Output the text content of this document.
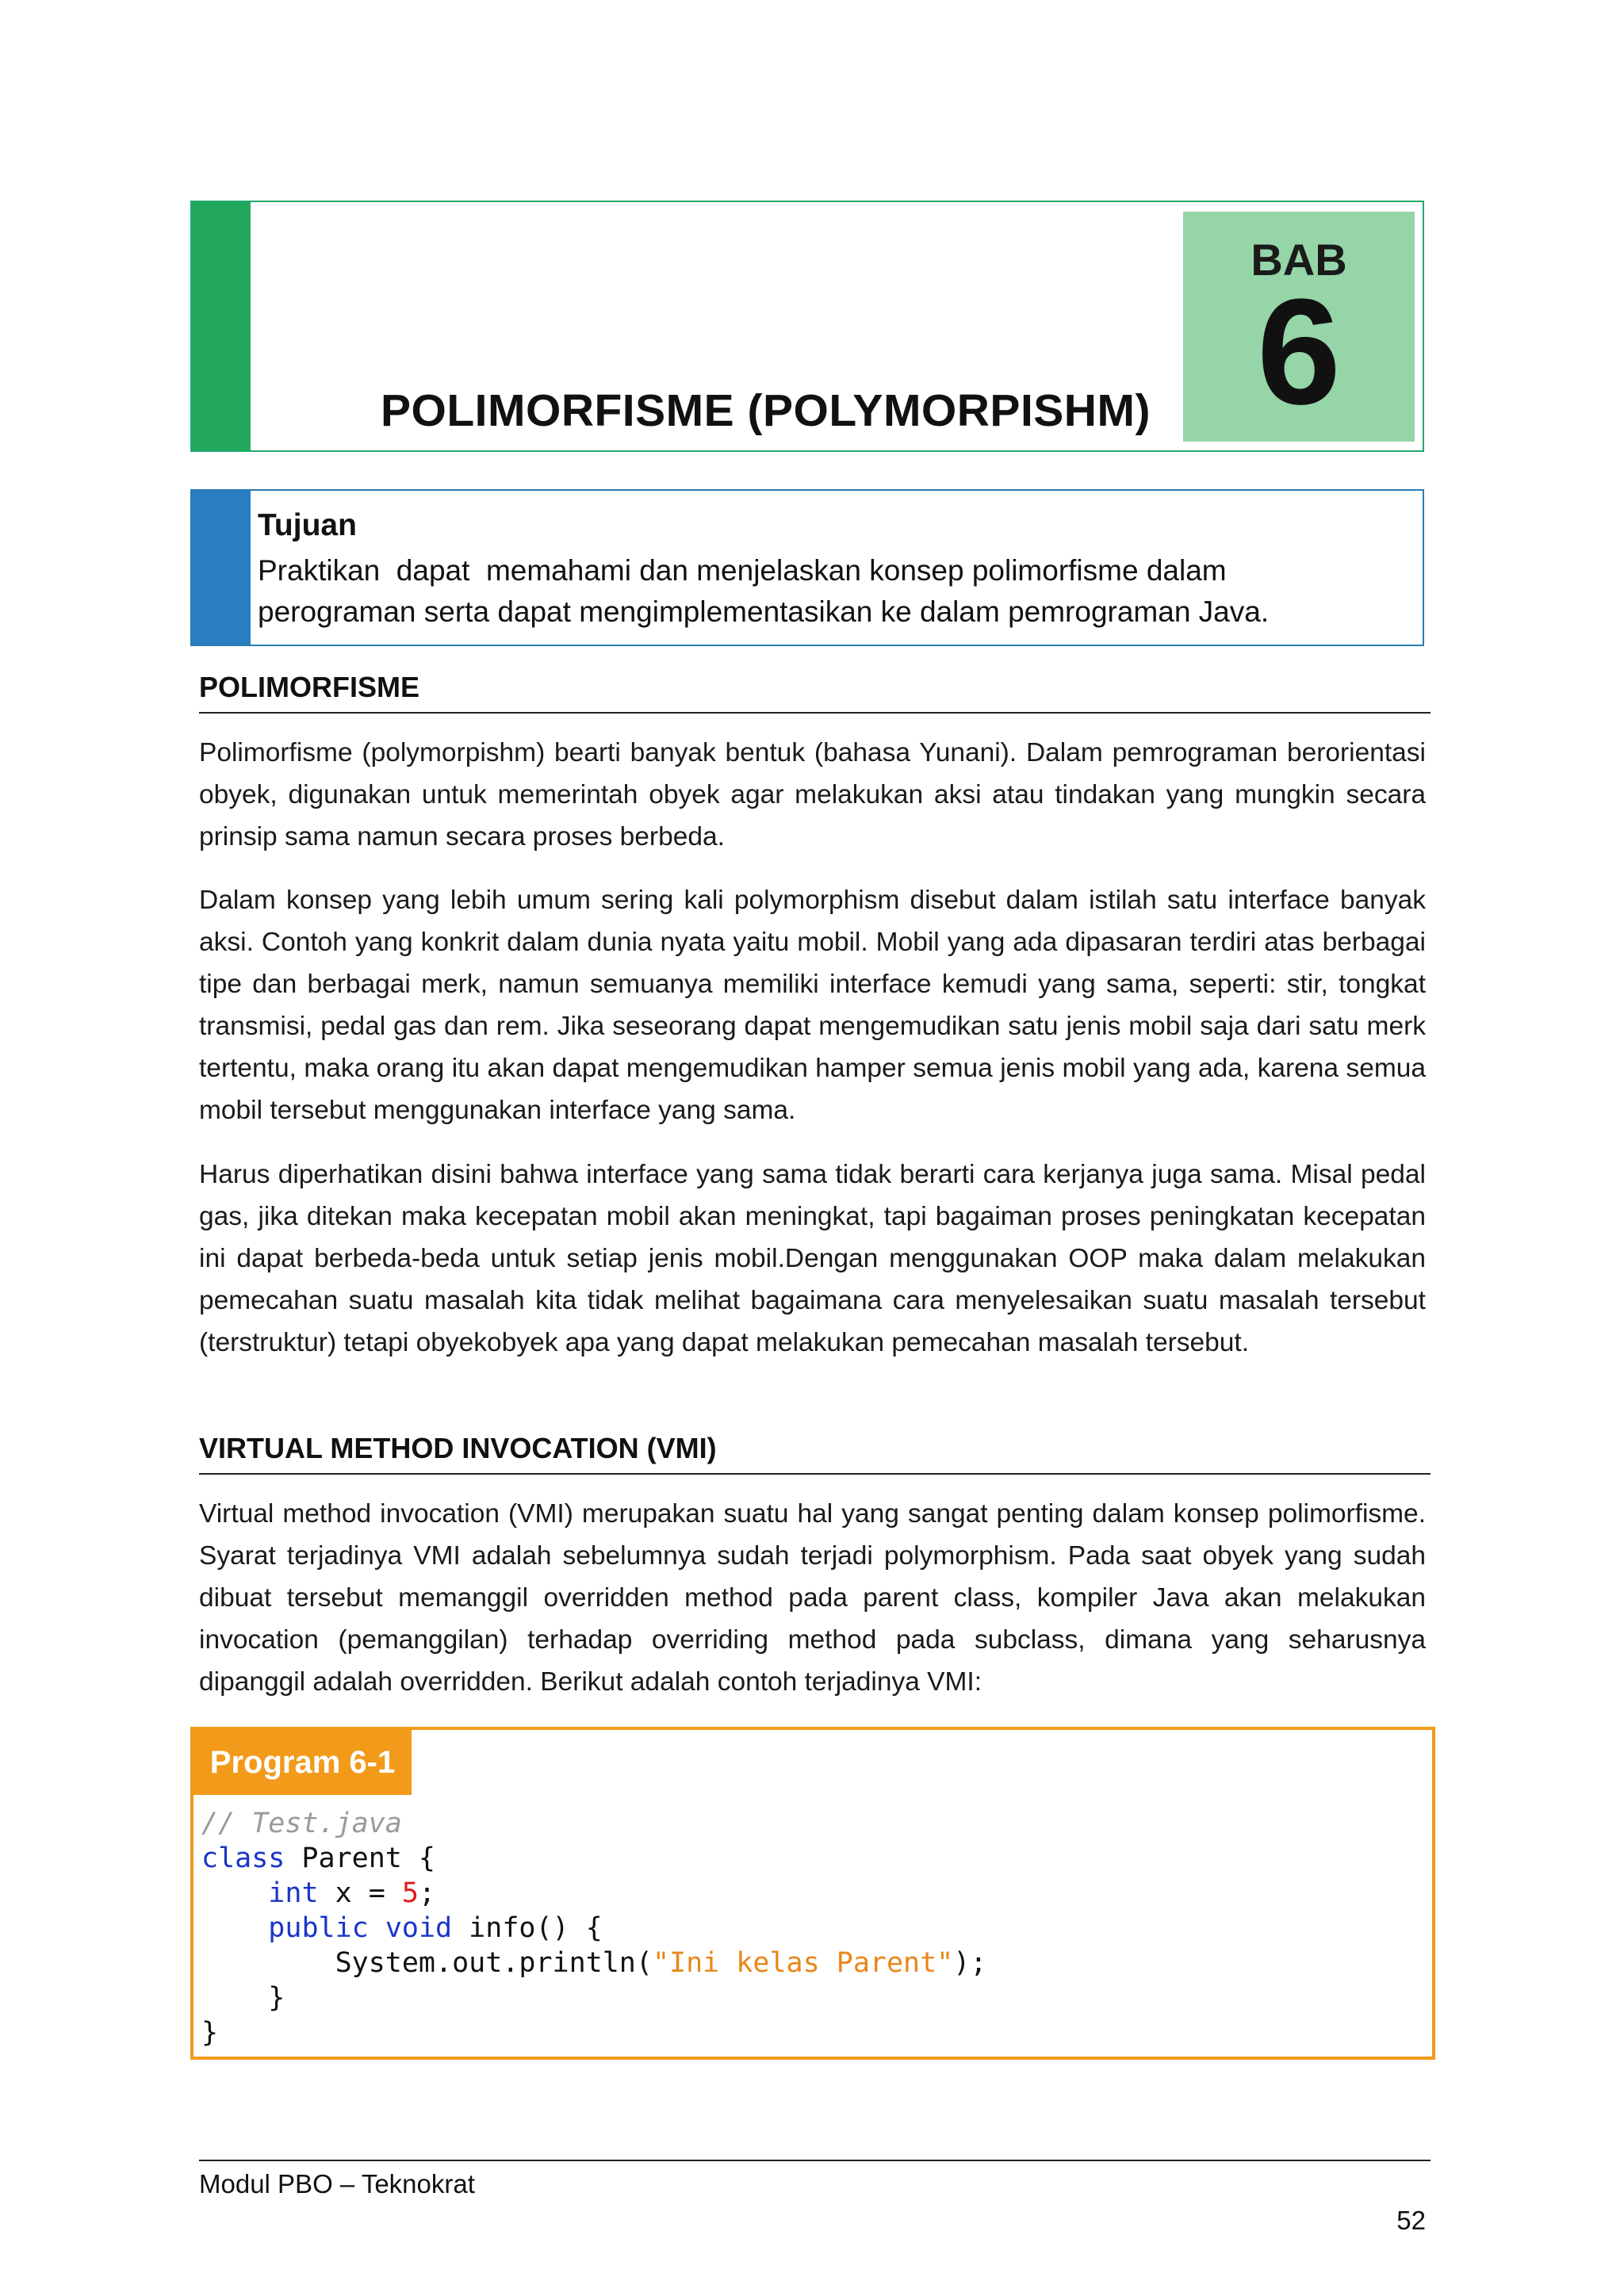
POLIMORFISME (POLYMORPISHM)
BAB
6
Tujuan
Praktikan  dapat  memahami dan menjelaskan konsep polimorfisme dalam
perograman serta dapat mengimplementasikan ke dalam pemrograman Java.
POLIMORFISME
Polimorfisme (polymorpishm) bearti banyak bentuk (bahasa Yunani). Dalam pemrograman berorientasi obyek, digunakan untuk memerintah obyek agar melakukan aksi atau tindakan yang mungkin secara prinsip sama namun secara proses berbeda.
Dalam konsep yang lebih umum sering kali polymorphism disebut dalam istilah satu interface banyak aksi. Contoh yang konkrit dalam dunia nyata yaitu mobil. Mobil yang ada dipasaran terdiri atas berbagai tipe dan berbagai merk, namun semuanya memiliki interface kemudi yang sama, seperti: stir, tongkat transmisi, pedal gas dan rem. Jika seseorang dapat mengemudikan satu jenis mobil saja dari satu merk tertentu, maka orang itu akan dapat mengemudikan hamper semua jenis mobil yang ada, karena semua mobil tersebut menggunakan interface yang sama.
Harus diperhatikan disini bahwa interface yang sama tidak berarti cara kerjanya juga sama. Misal pedal gas, jika ditekan maka kecepatan mobil akan meningkat, tapi bagaiman proses peningkatan kecepatan ini dapat berbeda-beda untuk setiap jenis mobil.Dengan menggunakan OOP maka dalam melakukan pemecahan suatu masalah kita tidak melihat bagaimana cara menyelesaikan suatu masalah tersebut (terstruktur) tetapi obyekobyek apa yang dapat melakukan pemecahan masalah tersebut.
VIRTUAL METHOD INVOCATION (VMI)
Virtual method invocation (VMI) merupakan suatu hal yang sangat penting dalam konsep polimorfisme. Syarat terjadinya VMI adalah sebelumnya sudah terjadi polymorphism. Pada saat obyek yang sudah dibuat tersebut memanggil overridden method pada parent class, kompiler Java akan melakukan invocation (pemanggilan) terhadap overriding method pada subclass, dimana yang seharusnya dipanggil adalah overridden. Berikut adalah contoh terjadinya VMI:
Program 6-1
// Test.java
class Parent {
int x = 5;
public void info() {
System.out.println("Ini kelas Parent");
}
}
Modul PBO – Teknokrat
52
